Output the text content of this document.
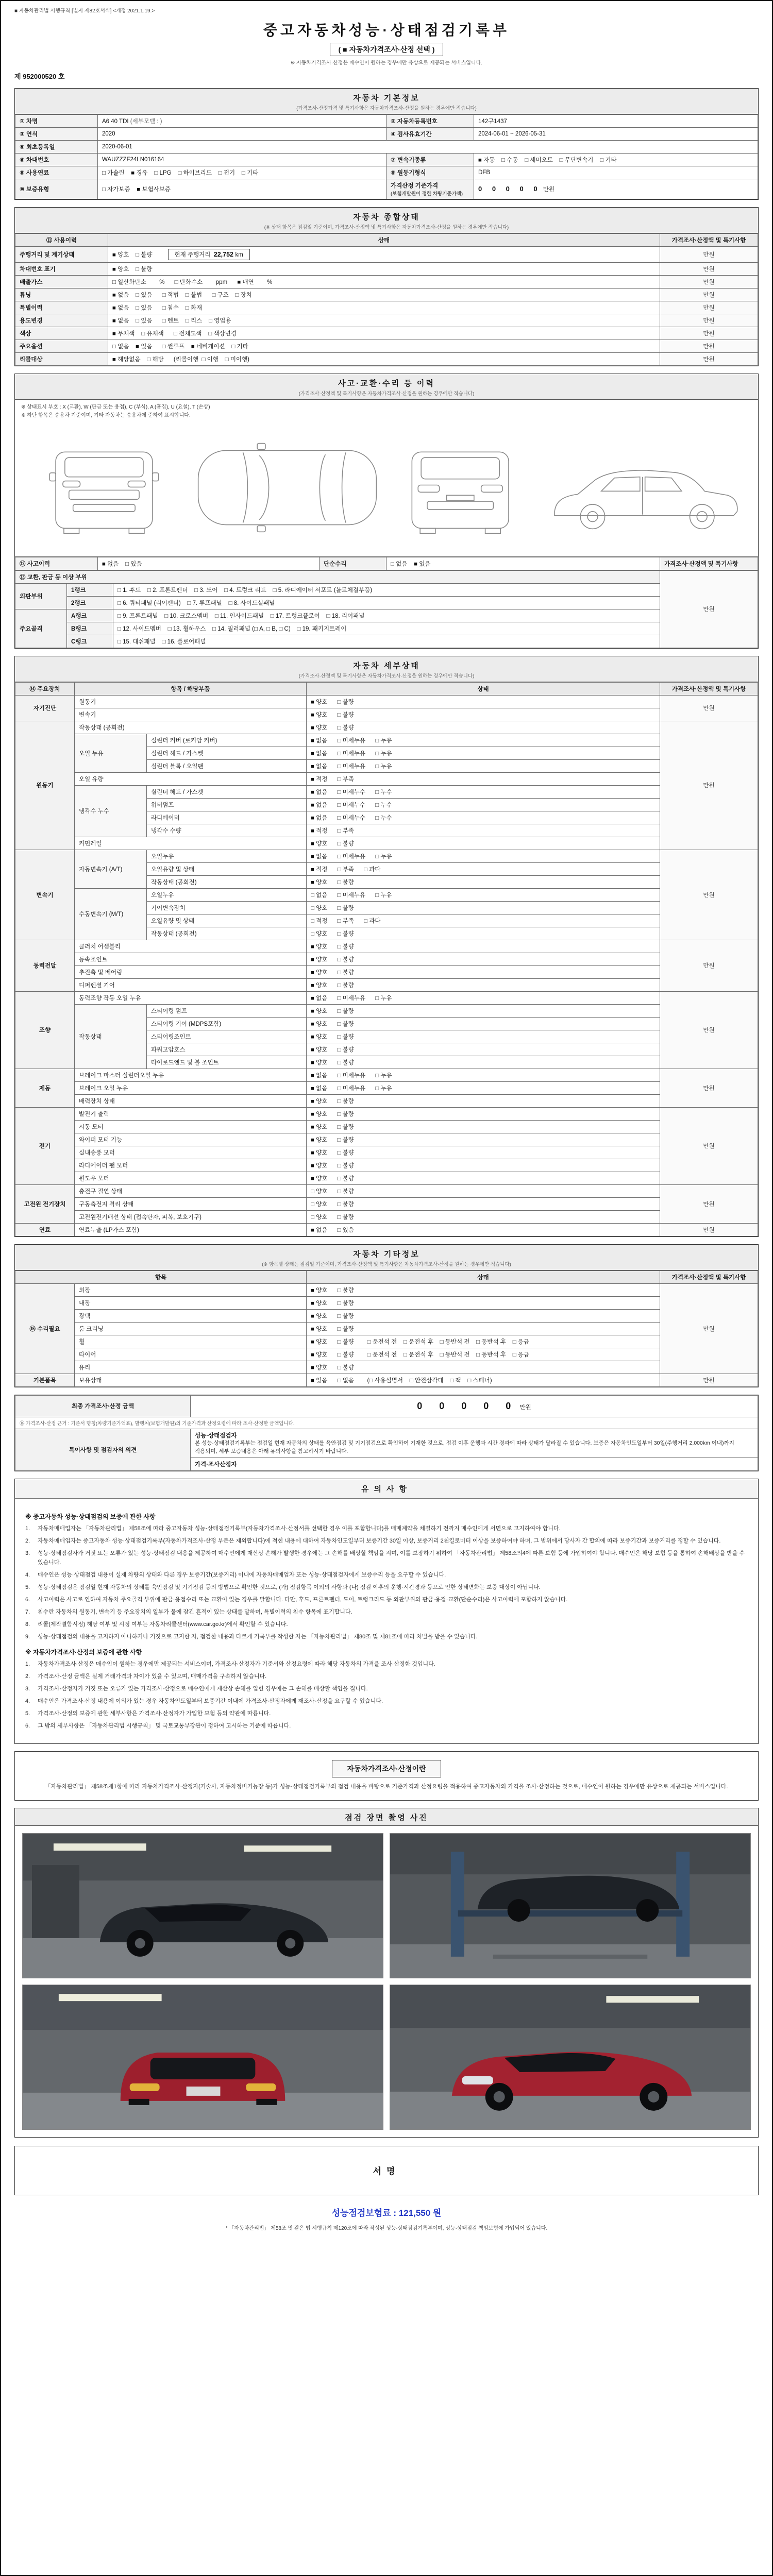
■ 자동차관리법 시행규칙 [별지 제82호서식] <개정 2021.1.19.>
중고자동차성능·상태점검기록부
( ■ 자동차가격조사·산정 선택 )
※ 자동차가격조사·산정은 매수인이 원하는 경우에만 유상으로 제공되는 서비스입니다.
제 952000520 호
자동차 기본정보
(가격조사·산정가격 및 특기사항은 자동차가격조사·산정을 원하는 경우에만 적습니다)
① 차명	A6 40 TDI (세부모델 : )	② 자동차등록번호	142구1437
③ 연식	2020	④ 검사유효기간	2024-06-01 ~ 2026-05-31
⑤ 최초등록일	2020-06-01		
⑥ 차대번호	WAUZZZF24LN016164	⑦ 변속기종류	■ 자동    □ 수동    □ 세미오토    □ 무단변속기    □ 기타
⑧ 사용연료	□ 가솔린    ■ 경유    □ LPG    □ 하이브리드    □ 전기    □ 기타	⑨ 원동기형식	DFB
⑩ 보증유형	□ 자가보증    ■ 보험사보증	가격산정 기준가격
(보험개발원이 정한 차량기준가액)	0 0 0 0 0 만원
자동차 종합상태
(※ 상태 항목은 점검일 기준이며, 가격조사·산정액 및 특기사항은 자동차가격조사·산정을 원하는 경우에만 적습니다)
⑪ 사용이력	상태	가격조사·산정액 및 특기사항
주행거리 및 계기상태	■ 양호    □ 불량 현재 주행거리  22,752 km	만원
차대번호 표기	■ 양호    □ 불량	만원
배출가스	□ 일산화탄소        %      □ 탄화수소        ppm      ■ 매연        %	만원
튜닝	■ 없음    □ 있음      □ 적법    □ 불법      □ 구조    □ 장치	만원
특별이력	■ 없음    □ 있음      □ 침수    □ 화재	만원
용도변경	■ 없음    □ 있음      □ 렌트    □ 리스    □ 영업용	만원
색상	■ 무채색    □ 유채색      □ 전체도색    □ 색상변경	만원
주요옵션	□ 없음    ■ 있음      □ 썬루프    ■ 네비게이션    □ 기타	만원
리콜대상	■ 해당없음    □ 해당      (리콜이행  □ 이행    □ 미이행)	만원
사고·교환·수리 등 이력
(가격조사·산정액 및 특기사항은 자동차가격조사·산정을 원하는 경우에만 적습니다)
※ 상태표시 부호 : X (교환), W (판금 또는 용접), C (부식), A (흠집), U (요철), T (손상)
※ 하단 항목은 승용차 기준이며, 기타 자동차는 승용차에 준하여 표시합니다.
⑫ 사고이력	■ 없음    □ 있음	단순수리	□ 없음    ■ 있음	가격조사·산정액 및 특기사항
⑬ 교환, 판금 등 이상 부위			만원
외판부위	1랭크	□ 1. 후드    □ 2. 프론트펜더    □ 3. 도어    □ 4. 트렁크 리드    □ 5. 라디에이터 서포트 (볼트체결부품)	
	2랭크	□ 6. 쿼터패널 (리어펜더)    □ 7. 루프패널    □ 8. 사이드실패널	
주요골격	A랭크	□ 9. 프론트패널    □ 10. 크로스멤버    □ 11. 인사이드패널    □ 17. 트렁크플로어    □ 18. 리어패널	
	B랭크	□ 12. 사이드멤버    □ 13. 휠하우스    □ 14. 필러패널 (□ A, □ B, □ C)    □ 19. 패키지트레이	
	C랭크	□ 15. 대쉬패널    □ 16. 플로어패널	
자동차 세부상태
(가격조사·산정액 및 특기사항은 자동차가격조사·산정을 원하는 경우에만 적습니다)
⑭ 주요장치	항목 / 해당부품		상태	가격조사·산정액 및 특기사항
자기진단	원동기		■ 양호      □ 불량	만원
	변속기		■ 양호      □ 불량	
원동기	작동상태 (공회전)		■ 양호      □ 불량	만원
	오일 누유	실린더 커버 (로커암 커버)	■ 없음      □ 미세누유      □ 누유	
		실린더 헤드 / 가스켓	■ 없음      □ 미세누유      □ 누유	
		실린더 블록 / 오일팬	■ 없음      □ 미세누유      □ 누유	
	오일 유량		■ 적정      □ 부족	
	냉각수 누수	실린더 헤드 / 가스켓	■ 없음      □ 미세누수      □ 누수	
		워터펌프	■ 없음      □ 미세누수      □ 누수	
		라디에이터	■ 없음      □ 미세누수      □ 누수	
		냉각수 수량	■ 적정      □ 부족	
	커먼레일		■ 양호      □ 불량	
변속기	자동변속기 (A/T)	오일누유	■ 없음      □ 미세누유      □ 누유	만원
		오일유량 및 상태	■ 적정      □ 부족      □ 과다	
		작동상태 (공회전)	■ 양호      □ 불량	
	수동변속기 (M/T)	오일누유	□ 없음      □ 미세누유      □ 누유	
		기어변속장치	□ 양호      □ 불량	
		오일유량 및 상태	□ 적정      □ 부족      □ 과다	
		작동상태 (공회전)	□ 양호      □ 불량	
동력전달	클러치 어셈블리		■ 양호      □ 불량	만원
	등속조인트		■ 양호      □ 불량	
	추진축 및 베어링		■ 양호      □ 불량	
	디퍼렌셜 기어		■ 양호      □ 불량	
조향	동력조향 작동 오일 누유		■ 없음      □ 미세누유      □ 누유	만원
	작동상태	스티어링 펌프	■ 양호      □ 불량	
		스티어링 기어 (MDPS포함)	■ 양호      □ 불량	
		스티어링조인트	■ 양호      □ 불량	
		파워고압호스	■ 양호      □ 불량	
		타이로드엔드 및 볼 조인트	■ 양호      □ 불량	
제동	브레이크 마스터 실린더오일 누유		■ 없음      □ 미세누유      □ 누유	만원
	브레이크 오일 누유		■ 없음      □ 미세누유      □ 누유	
	배력장치 상태		■ 양호      □ 불량	
전기	발전기 출력		■ 양호      □ 불량	만원
	시동 모터		■ 양호      □ 불량	
	와이퍼 모터 기능		■ 양호      □ 불량	
	실내송풍 모터		■ 양호      □ 불량	
	라디에이터 팬 모터		■ 양호      □ 불량	
	윈도우 모터		■ 양호      □ 불량	
고전원 전기장치	충전구 절연 상태		□ 양호      □ 불량	만원
	구동축전지 격리 상태		□ 양호      □ 불량	
	고전원전기배선 상태 (접속단자, 피복, 보호기구)		□ 양호      □ 불량	
연료	연료누출 (LP가스 포함)		■ 없음      □ 있음	만원
자동차 기타정보
(※ 항목별 상태는 점검일 기준이며, 가격조사·산정액 및 특기사항은 자동차가격조사·산정을 원하는 경우에만 적습니다)
항목		상태	가격조사·산정액 및 특기사항
⑮ 수리필요	외장	■ 양호      □ 불량	만원
	내장	■ 양호      □ 불량	
	광택	■ 양호      □ 불량	
	룸 크리닝	■ 양호      □ 불량	
	휠	■ 양호      □ 불량        □ 운전석 전    □ 운전석 후    □ 동반석 전    □ 동반석 후    □ 응급	
	타이어	■ 양호      □ 불량        □ 운전석 전    □ 운전석 후    □ 동반석 전    □ 동반석 후    □ 응급	
	유리	■ 양호      □ 불량	
기본품목	보유상태	■ 있음      □ 없음        (□ 사용설명서    □ 안전삼각대    □ 잭    □ 스패너)	만원
최종 가격조사·산정 금액	0 0 0 0 0 만원
⑯ 가격조사·산정 근거 : 기준서 명칭(차량기준가액표), 발행처(보험개발원)의 기준가격과 산정요령에 따라 조사·산정한 금액입니다.	
특이사항 및 점검자의 의견	성능·상태점검자
본 성능·상태점검기록부는 점검일 현재 자동차의 상태를 육안점검 및 기기점검으로 확인하여 기재한 것으로, 점검 이후 운행과 시간 경과에 따라 상태가 달라질 수 있습니다. 보증은 자동차인도일부터 30일(주행거리 2,000km 이내)까지 적용되며, 세부 보증내용은 아래 유의사항을 참고하시기 바랍니다.
	가격·조사산정자

유의사항
※ 중고자동차 성능·상태점검의 보증에 관한 사항
1.	자동차매매업자는 「자동차관리법」 제58조에 따라 중고자동차 성능·상태점검기록부(자동차가격조사·산정서를 선택한 경우 이를 포함합니다)를 매매계약을 체결하기 전까지 매수인에게 서면으로 고지하여야 합니다.
2.	자동차매매업자는 중고자동차 성능·상태점검기록부(자동차가격조사·산정 부분은 제외합니다)에 적힌 내용에 대하여 자동차인도일부터 보증기간 30일 이상, 보증거리 2천킬로미터 이상을 보증하여야 하며, 그 범위에서 당사자 간 합의에 따라 보증기간과 보증거리를 정할 수 있습니다.
3.	성능·상태점검자가 거짓 또는 오류가 있는 성능·상태점검 내용을 제공하여 매수인에게 재산상 손해가 발생한 경우에는 그 손해를 배상할 책임을 지며, 이를 보장하기 위하여 「자동차관리법」 제58조의4에 따른 보험 등에 가입하여야 합니다. 매수인은 해당 보험 등을 통하여 손해배상을 받을 수 있습니다.
4.	매수인은 성능·상태점검 내용이 실제 차량의 상태와 다른 경우 보증기간(보증거리) 이내에 자동차매매업자 또는 성능·상태점검자에게 보증수리 등을 요구할 수 있습니다.
5.	성능·상태점검은 점검일 현재 자동차의 상태를 육안점검 및 기기점검 등의 방법으로 확인한 것으로, (가) 점검항목 이외의 사항과 (나) 점검 이후의 운행·시간경과 등으로 인한 상태변화는 보증 대상이 아닙니다.
6.	사고이력은 사고로 인하여 자동차 주요골격 부위에 판금·용접수리 또는 교환이 있는 경우를 말합니다. 다만, 후드, 프론트펜더, 도어, 트렁크리드 등 외판부위의 판금·용접·교환(단순수리)은 사고이력에 포함하지 않습니다.
7.	침수란 자동차의 원동기, 변속기 등 주요장치의 일부가 물에 잠긴 흔적이 있는 상태를 말하며, 특별이력의 침수 항목에 표기합니다.
8.	리콜(제작결함시정) 해당 여부 및 시정 여부는 자동차리콜센터(www.car.go.kr)에서 확인할 수 있습니다.
9.	성능·상태점검의 내용을 고지하지 아니하거나 거짓으로 고지한 자, 점검한 내용과 다르게 기록부를 작성한 자는 「자동차관리법」 제80조 및 제81조에 따라 처벌을 받을 수 있습니다.
※ 자동차가격조사·산정의 보증에 관한 사항
1.	자동차가격조사·산정은 매수인이 원하는 경우에만 제공되는 서비스이며, 가격조사·산정자가 기준서와 산정요령에 따라 해당 자동차의 가격을 조사·산정한 것입니다.
2.	가격조사·산정 금액은 실제 거래가격과 차이가 있을 수 있으며, 매매가격을 구속하지 않습니다.
3.	가격조사·산정자가 거짓 또는 오류가 있는 가격조사·산정으로 매수인에게 재산상 손해를 입힌 경우에는 그 손해를 배상할 책임을 집니다.
4.	매수인은 가격조사·산정 내용에 이의가 있는 경우 자동차인도일부터 보증기간 이내에 가격조사·산정자에게 재조사·산정을 요구할 수 있습니다.
5.	가격조사·산정의 보증에 관한 세부사항은 가격조사·산정자가 가입한 보험 등의 약관에 따릅니다.
6.	그 밖의 세부사항은 「자동차관리법 시행규칙」 및 국토교통부장관이 정하여 고시하는 기준에 따릅니다.
자동차가격조사·산정이란
「자동차관리법」 제58조제1항에 따라 자동차가격조사·산정자(기술사, 자동차정비기능장 등)가 성능·상태점검기록부의 점검 내용을 바탕으로 기준가격과 산정요령을 적용하여 중고자동차의 가격을 조사·산정하는 것으로, 매수인이 원하는 경우에만 유상으로 제공되는 서비스입니다.
점검 장면 촬영 사진
서명
성능점검보험료 : 121,550 원
* 「자동차관리법」 제58조 및 같은 법 시행규칙 제120조에 따라 작성된 성능·상태점검기록부이며, 성능·상태점검 책임보험에 가입되어 있습니다.
